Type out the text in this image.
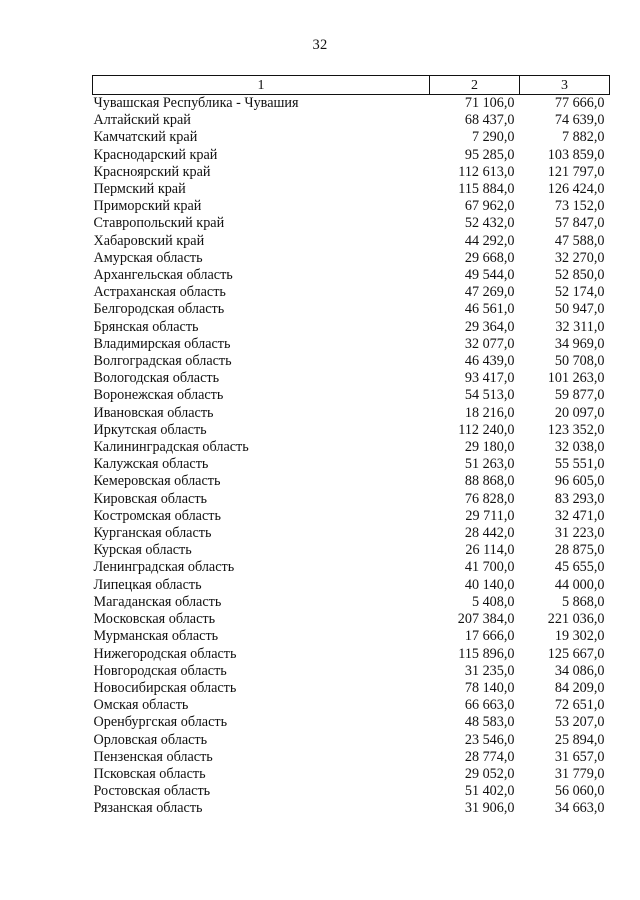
32
1	2	3
Чувашская Республика - Чувашия	71 106,0	77 666,0
Алтайский край	68 437,0	74 639,0
Камчатский край	7 290,0	7 882,0
Краснодарский край	95 285,0	103 859,0
Красноярский край	112 613,0	121 797,0
Пермский край	115 884,0	126 424,0
Приморский край	67 962,0	73 152,0
Ставропольский край	52 432,0	57 847,0
Хабаровский край	44 292,0	47 588,0
Амурская область	29 668,0	32 270,0
Архангельская область	49 544,0	52 850,0
Астраханская область	47 269,0	52 174,0
Белгородская область	46 561,0	50 947,0
Брянская область	29 364,0	32 311,0
Владимирская область	32 077,0	34 969,0
Волгоградская область	46 439,0	50 708,0
Вологодская область	93 417,0	101 263,0
Воронежская область	54 513,0	59 877,0
Ивановская область	18 216,0	20 097,0
Иркутская область	112 240,0	123 352,0
Калининградская область	29 180,0	32 038,0
Калужская область	51 263,0	55 551,0
Кемеровская область	88 868,0	96 605,0
Кировская область	76 828,0	83 293,0
Костромская область	29 711,0	32 471,0
Курганская область	28 442,0	31 223,0
Курская область	26 114,0	28 875,0
Ленинградская область	41 700,0	45 655,0
Липецкая область	40 140,0	44 000,0
Магаданская область	5 408,0	5 868,0
Московская область	207 384,0	221 036,0
Мурманская область	17 666,0	19 302,0
Нижегородская область	115 896,0	125 667,0
Новгородская область	31 235,0	34 086,0
Новосибирская область	78 140,0	84 209,0
Омская область	66 663,0	72 651,0
Оренбургская область	48 583,0	53 207,0
Орловская область	23 546,0	25 894,0
Пензенская область	28 774,0	31 657,0
Псковская область	29 052,0	31 779,0
Ростовская область	51 402,0	56 060,0
Рязанская область	31 906,0	34 663,0
